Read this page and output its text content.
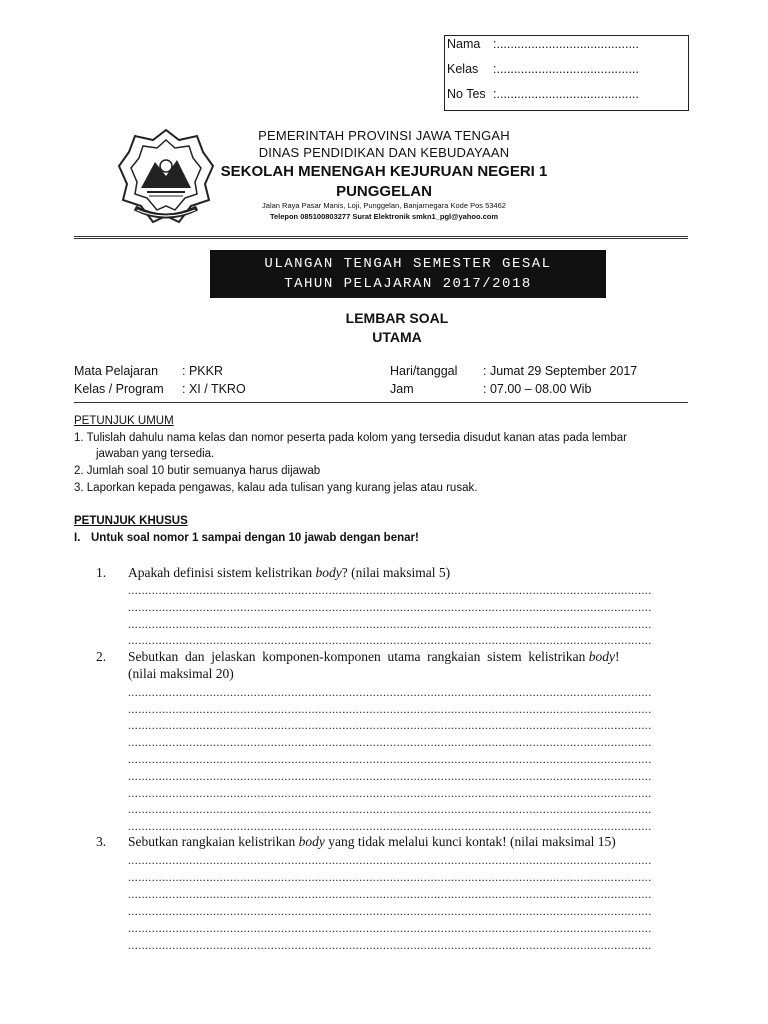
Nama :.........................................
Kelas :.........................................
No Tes :.........................................
PEMERINTAH PROVINSI JAWA TENGAH
DINAS PENDIDIKAN DAN KEBUDAYAAN
SEKOLAH MENENGAH KEJURUAN NEGERI 1
PUNGGELAN
Jalan Raya Pasar Manis, Loji, Punggelan, Banjarnegara Kode Pos 53462
Telepon 085100803277 Surat Elektronik smkn1_pgl@yahoo.com
ULANGAN TENGAH SEMESTER GESAL
TAHUN PELAJARAN 2017/2018
LEMBAR SOAL
UTAMA
Mata Pelajaran : PKKR
Kelas / Program : XI / TKRO
Hari/tanggal : Jumat 29 September 2017
Jam	: 07.00 – 08.00 Wib
PETUNJUK UMUM
1. Tulislah dahulu nama kelas dan nomor peserta pada kolom yang tersedia disudut kanan atas pada lembar
jawaban yang tersedia.
2. Jumlah soal 10 butir semuanya harus dijawab
3. Laporkan kepada pengawas, kalau ada tulisan yang kurang jelas atau rusak.
PETUNJUK KHUSUS
I. Untuk soal nomor 1 sampai dengan 10 jawab dengan benar!
1. Apakah definisi sistem kelistrikan body? (nilai maksimal 5)
..........................................................................................................................................................
..........................................................................................................................................................
..........................................................................................................................................................
..........................................................................................................................................................
2. Sebutkan  dan  jelaskan  komponen-komponen  utama  rangkaian  sistem  kelistrikan body!
(nilai maksimal 20)
..........................................................................................................................................................
..........................................................................................................................................................
..........................................................................................................................................................
..........................................................................................................................................................
..........................................................................................................................................................
..........................................................................................................................................................
..........................................................................................................................................................
..........................................................................................................................................................
..........................................................................................................................................................
3. Sebutkan rangkaian kelistrikan body yang tidak melalui kunci kontak! (nilai maksimal 15)
..........................................................................................................................................................
..........................................................................................................................................................
..........................................................................................................................................................
..........................................................................................................................................................
..........................................................................................................................................................
..........................................................................................................................................................
